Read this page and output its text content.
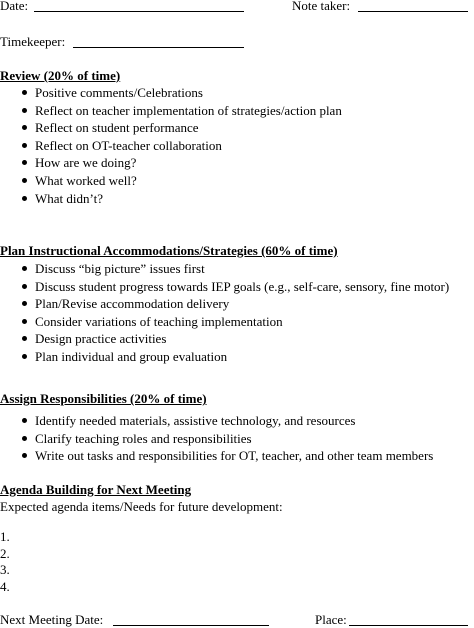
Date:	Note taker:
Timekeeper:
Review (20% of time)
Positive comments/Celebrations
Reflect on teacher implementation of strategies/action plan
Reflect on student performance
Reflect on OT-teacher collaboration
How are we doing?
What worked well?
What didn’t?
Plan Instructional Accommodations/Strategies (60% of time)
Discuss “big picture” issues first
Discuss student progress towards IEP goals (e.g., self-care, sensory, fine motor)
Plan/Revise accommodation delivery
Consider variations of teaching implementation
Design practice activities
Plan individual and group evaluation
Assign Responsibilities (20% of time)
Identify needed materials, assistive technology, and resources
Clarify teaching roles and responsibilities
Write out tasks and responsibilities for OT, teacher, and other team members
Agenda Building for Next Meeting
Expected agenda items/Needs for future development:
1.
2.
3.
4.
Next Meeting Date:	Place:
